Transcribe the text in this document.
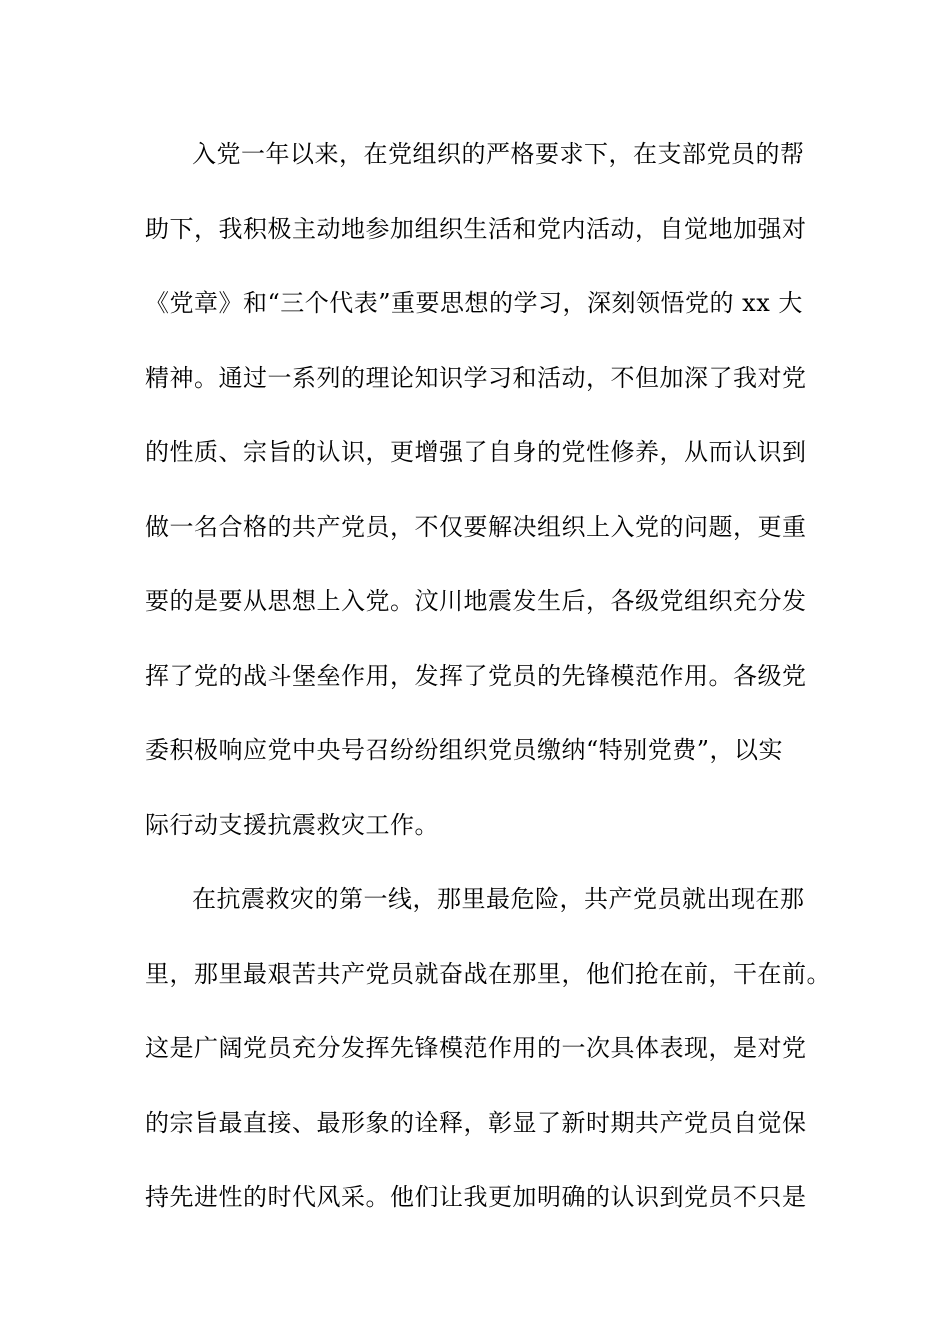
入党一年以来，在党组织的严格要求下，在支部党员的帮
助下，我积极主动地参加组织生活和党内活动，自觉地加强对
《党章》和“三个代表”重要思想的学习，深刻领悟党的 xx 大
精神。通过一系列的理论知识学习和活动，不但加深了我对党
的性质、宗旨的认识，更增强了自身的党性修养，从而认识到
做一名合格的共产党员，不仅要解决组织上入党的问题，更重
要的是要从思想上入党。汶川地震发生后，各级党组织充分发
挥了党的战斗堡垒作用，发挥了党员的先锋模范作用。各级党
委积极响应党中央号召纷纷组织党员缴纳“特别党费”，以实
际行动支援抗震救灾工作。
在抗震救灾的第一线，那里最危险，共产党员就出现在那
里，那里最艰苦共产党员就奋战在那里，他们抢在前，干在前。
这是广阔党员充分发挥先锋模范作用的一次具体表现，是对党
的宗旨最直接、最形象的诠释，彰显了新时期共产党员自觉保
持先进性的时代风采。他们让我更加明确的认识到党员不只是
